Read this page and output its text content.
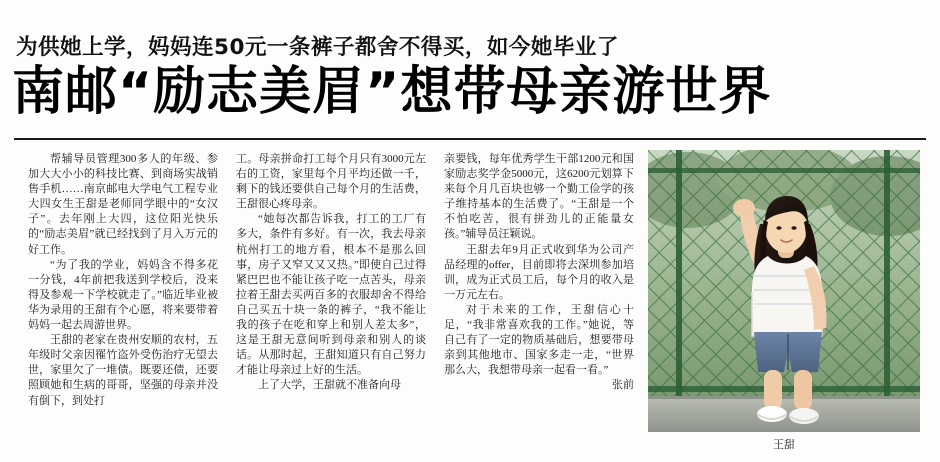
为供她上学，妈妈连50元一条裤子都舍不得买，如今她毕业了
南邮“励志美眉”想带母亲游世界

帮辅导员管理300多人的年级、参加大大小小的科技比赛、到商场实战销售手机……南京邮电大学电气工程专业大四女生王甜是老师同学眼中的“女汉子”。去年刚上大四，这位阳光快乐的“励志美眉”就已经找到了月入万元的好工作。

“为了我的学业，妈妈含不得多花一分钱，4年前把我送到学校后，没来得及参观一下学校就走了。”临近毕业被华为录用的王甜有个心愿，将来要带着妈妈一起去周游世界。

王甜的老家在贵州安顺的农村，五年级时父亲因罹竹盗外受伤治疗无望去世，家里欠了一堆债。既要还债，还要照顾她和生病的哥哥，坚强的母亲并没有倒下，到处打

工。母亲拼命打工每个月只有3000元左右的工资，家里每个月平均还做一千，剩下的钱还要供自己每个月的生活费，王甜很心疼母亲。

“她每次都告诉我，打工的工厂有多大，条件有多好。有一次，我去母亲杭州打工的地方看，根本不是那么回事，房子又窄又又又热。”即使自己过得紧巴巴也不能让孩子吃一点苦头，母亲拉着王甜去买两百多的衣服却舍不得给自己买五十块一条的裤子，“我不能让我的孩子在吃和穿上和别人差太多”，这是王甜无意间听到母亲和别人的谈话。从那时起，王甜知道只有自己努力才能让母亲过上好的生活。

上了大学，王甜就不准备向母

亲要钱，每年优秀学生干部1200元和国家励志奖学金5000元，这6200元划算下来每个月几百块也够一个勤工俭学的孩子维持基本的生活费了。“王甜是一个不怕吃苦，很有拼劲儿的正能量女孩。”辅导员汪颖说。

王甜去年9月正式收到华为公司产品经理的offer，目前即将去深圳参加培训，成为正式员工后，每个月的收入是一万元左右。

对于未来的工作，王甜信心十足，“我非常喜欢我的工作。”她说，等自己有了一定的物质基础后，想要带母亲到其他地市、国家多走一走，“世界那么大，我想带母亲一起看一看。”

张前

王甜
